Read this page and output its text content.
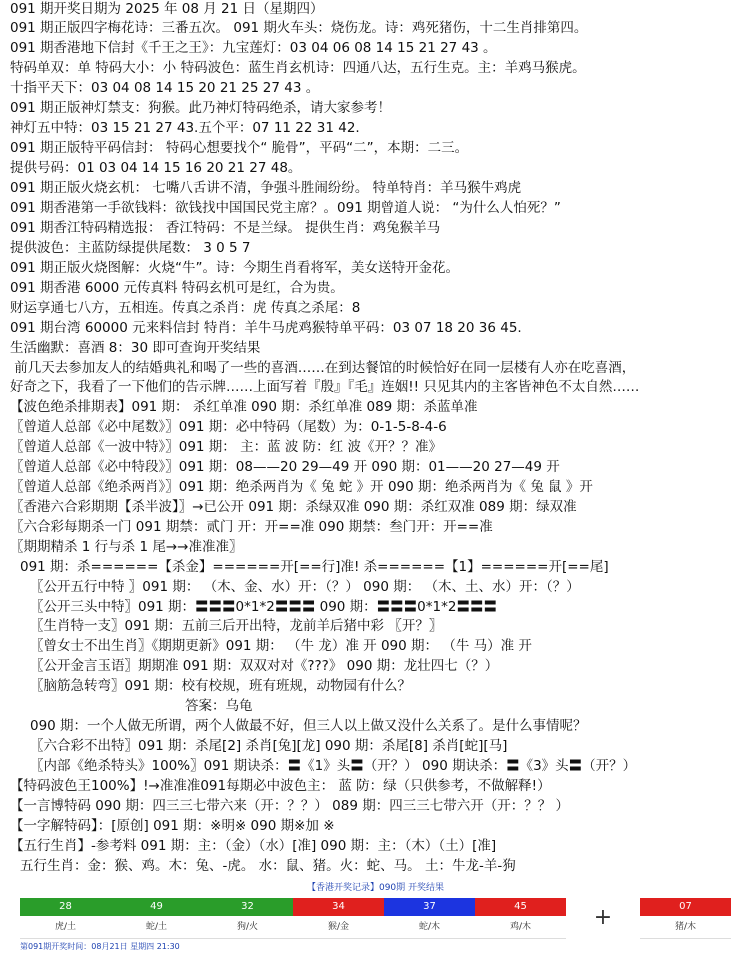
091 期开奖日期为 2025 年 08 月 21 日（星期四）
091 期正版四字梅花诗：三番五次。 091 期火车头：烧伤龙。诗：鸡死猪伤，十二生肖排第四。
091 期香港地下信封《千王之王》：九宝莲灯：03 04 06 08 14 15 21 27 43 。
特码单双：单 特码大小：小 特码波色：蓝生肖玄机诗：四通八达，五行生克。主：羊鸡马猴虎。
十指平天下：03 04 08 14 15 20 21 25 27 43 。
091 期正版神灯禁支：狗猴。此乃神灯特码绝杀，请大家参考！
神灯五中特：03 15 21 27 43.五个平：07 11 22 31 42.
091 期正版特平码信封： 特码心想要找个“ 脆骨”，平码“二”，本期：二三。
提供号码：01 03 04 14 15 16 20 21 27 48。
091 期正版火烧玄机： 七嘴八舌讲不清，争强斗胜闹纷纷。 特单特肖：羊马猴牛鸡虎
091 期香港第一手欲钱料：欲钱找中国国民党主席？。091 期曾道人说： “为什么人怕死？”
091 期香江特码精选报： 香江特码：不是兰绿。 提供生肖：鸡兔猴羊马
提供波色：主蓝防绿提供尾数： 3 0 5 7
091 期正版火烧图解：火烧“牛”。诗：今期生肖看将军，美女送特开金花。
091 期香港 6000 元传真料 特码玄机可是红，合为贵。
财运享通七八方，五相连。传真之杀肖：虎 传真之杀尾：8
091 期台湾 60000 元来料信封 特肖：羊牛马虎鸡猴特单平码：03 07 18 20 36 45.
生活幽默：喜酒 8：30 即可查询开奖结果
前几天去参加友人的结婚典礼和喝了一些的喜酒……在到达餐馆的时候恰好在同一层楼有人亦在吃喜酒，
好奇之下，我看了一下他们的告示牌……上面写着『殷』『毛』连姻!! 只见其内的主客皆神色不太自然……
【波色绝杀排期表】091 期： 杀红单准 090 期：杀红单准 089 期：杀蓝单准
〖曾道人总部《必中尾数》〗091 期：必中特码（尾数）为：0-1-5-8-4-6
〖曾道人总部《一波中特》〗091 期： 主：蓝 波 防：红 波《开？？准》
〖曾道人总部《必中特段》〗091 期：08——20 29—49 开 090 期：01——20 27—49 开
〖曾道人总部《绝杀两肖》〗091 期：绝杀两肖为《 兔 蛇 》开 090 期：绝杀两肖为《 兔 鼠 》开
〖香港六合彩期期【杀半波】〗→已公开 091 期：杀绿双准 090 期：杀红双准 089 期：绿双准
〖六合彩每期杀一门 091 期禁：贰门 开：开==准 090 期禁：叁门开：开==准
〖期期精杀 1 行与杀 1 尾→→准准准〗
091 期：杀======【杀金】======开[==行]准! 杀======【1】======开[==尾]
〖公开五行中特 〗091 期： （木、金、水）开：（？） 090 期： （木、土、水）开：（？）
〖公开三头中特〗091 期：〓〓〓0*1*2〓〓〓 090 期：〓〓〓0*1*2〓〓〓
〖生肖特一支〗091 期：五前三后开出特，龙前羊后猪中彩 〖开？〗
〖曾女士不出生肖〗《期期更新》091 期： （牛 龙）准 开 090 期： （牛 马）准 开
〖公开金言玉语〗期期准 091 期：双双对对《???》 090 期：龙壮四七（？）
〖脑筋急转弯〗091 期：校有校规，班有班规，动物园有什么？
答案：乌龟
090 期：一个人做无所谓，两个人做最不好，但三人以上做又没什么关系了。是什么事情呢？
〖六合彩不出特〗091 期：杀尾[2] 杀肖[兔][龙] 090 期：杀尾[8] 杀肖[蛇][马]
〖内部《绝杀特头》100%〗091 期诀杀：〓《1》头〓（开？） 090 期诀杀：〓《3》头〓（开？）
【特码波色王100%】!→准准准091每期必中波色主： 蓝 防：绿（只供参考，不做解释!）
【一言博特码 090 期：四三三七带六来（开：？？） 089 期：四三三七带六开（开：？？ ）
【一字解特码】：[原创] 091 期：※明※ 090 期※加 ※
【五行生肖】-参考料 091 期：主：（金）（水）[准] 090 期：主：（木）（土）[准]
五行生肖：金：猴、鸡。木：兔、-虎。 水：鼠、猪。火：蛇、马。 土：牛龙-羊-狗
【香港开奖记录】090期 开奖结果
28
虎/土
49
蛇/土
32
狗/火
34
猴/金
37
蛇/木
45
鸡/木	+	07
猪/木
第091期开奖时间：08月21日 星期四 21:30
